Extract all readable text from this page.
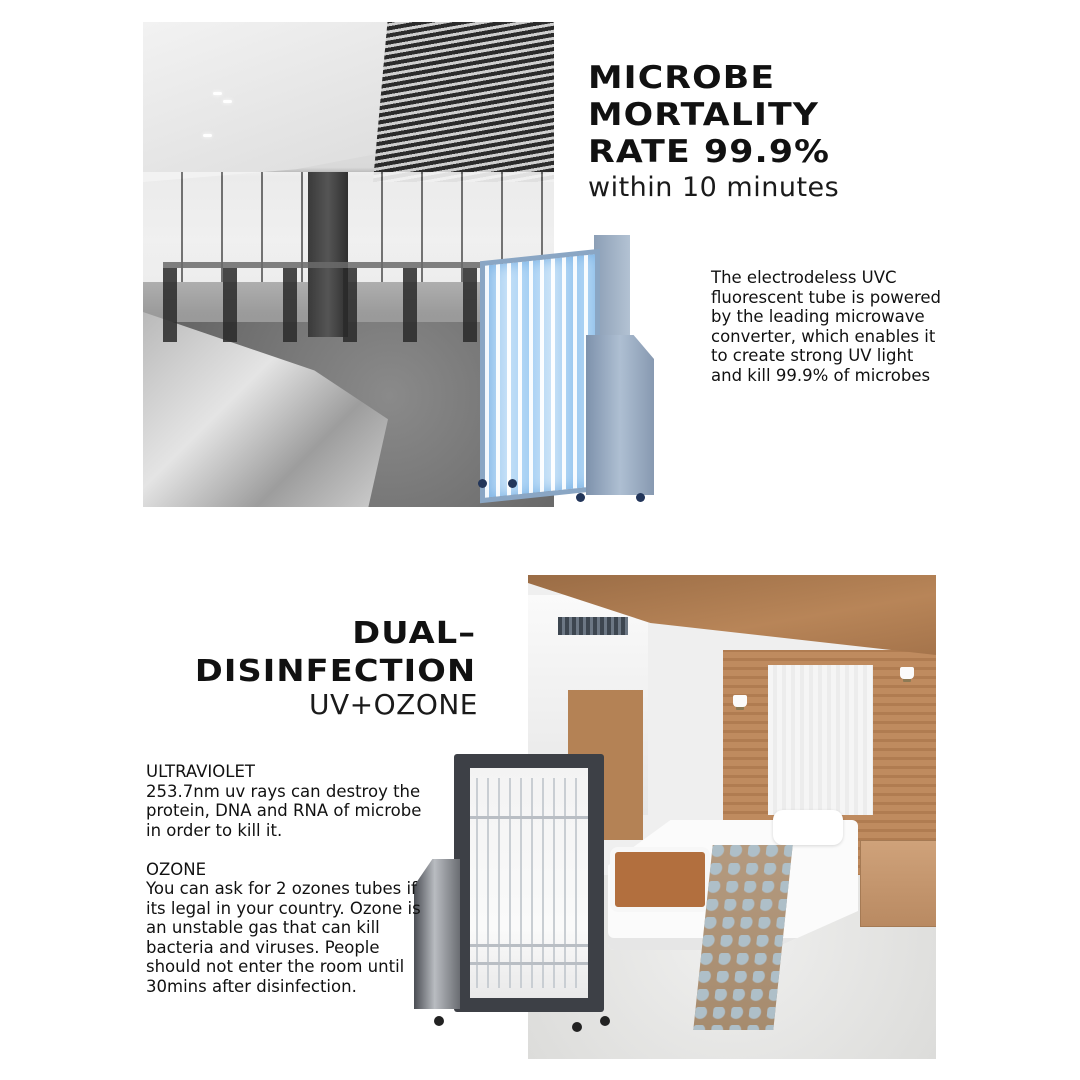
MICROBE
MORTALITY
RATE 99.9%
within 10 minutes
The electrodeless UVC fluorescent tube is powered by the leading microwave converter, which enables it to create strong UV light and kill 99.9% of microbes
DUAL–
DISINFECTION
UV+OZONE
ULTRAVIOLET
253.7nm uv rays can destroy the protein, DNA and RNA of microbe in order to kill it.
OZONE
You can ask for 2 ozones tubes if its legal in your country. Ozone is an unstable gas that can kill bacteria and viruses. People should not enter the room until 30mins after disinfection.
